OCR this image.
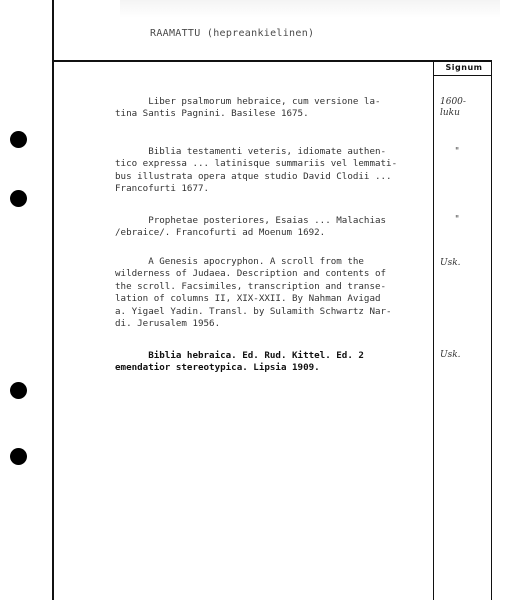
RAAMATTU (hepreankielinen)
Signum
Liber psalmorum hebraice, cum versione la-
tina Santis Pagnini. Basilese 1675.
1600-
luku
Biblia testamenti veteris, idiomate authen-
tico expressa ... latinisque summariis vel lemmati-
bus illustrata opera atque studio David Clodii ...
Francofurti 1677.
"
Prophetae posteriores, Esaias ... Malachias
/ebraice/. Francofurti ad Moenum 1692.
"
A Genesis apocryphon. A scroll from the
wilderness of Judaea. Description and contents of
the scroll. Facsimiles, transcription and transe-
lation of columns II, XIX-XXII. By Nahman Avigad
a. Yigael Yadin. Transl. by Sulamith Schwartz Nar-
di. Jerusalem 1956.
Usk.
Biblia hebraica. Ed. Rud. Kittel. Ed. 2
emendatior stereotypica. Lipsia 1909.
Usk.
